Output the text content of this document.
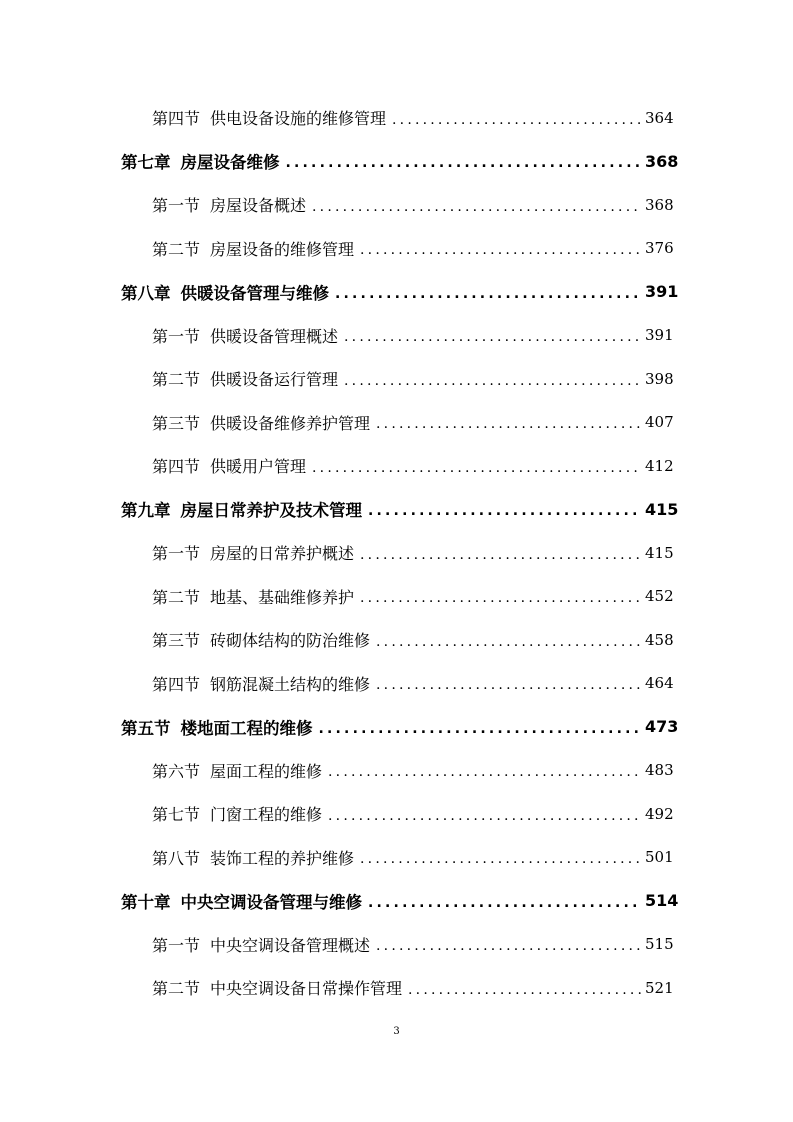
第四节 供电设备设施的维修管理 .....	364
第七章 房屋设备维修 .....	368
第一节 房屋设备概述 .....	368
第二节 房屋设备的维修管理 .....	376
第八章 供暖设备管理与维修 .....	391
第一节 供暖设备管理概述 .....	391
第二节 供暖设备运行管理 .....	398
第三节 供暖设备维修养护管理 .....	407
第四节 供暖用户管理 .....	412
第九章 房屋日常养护及技术管理 .....	415
第一节 房屋的日常养护概述 .....	415
第二节 地基、基础维修养护 .....	452
第三节 砖砌体结构的防治维修 .....	458
第四节 钢筋混凝土结构的维修 .....	464
第五节 楼地面工程的维修 .....	473
第六节 屋面工程的维修 .....	483
第七节 门窗工程的维修 .....	492
第八节 装饰工程的养护维修 .....	501
第十章 中央空调设备管理与维修 .....	514
第一节 中央空调设备管理概述 .....	515
第二节 中央空调设备日常操作管理 .....	521
3
